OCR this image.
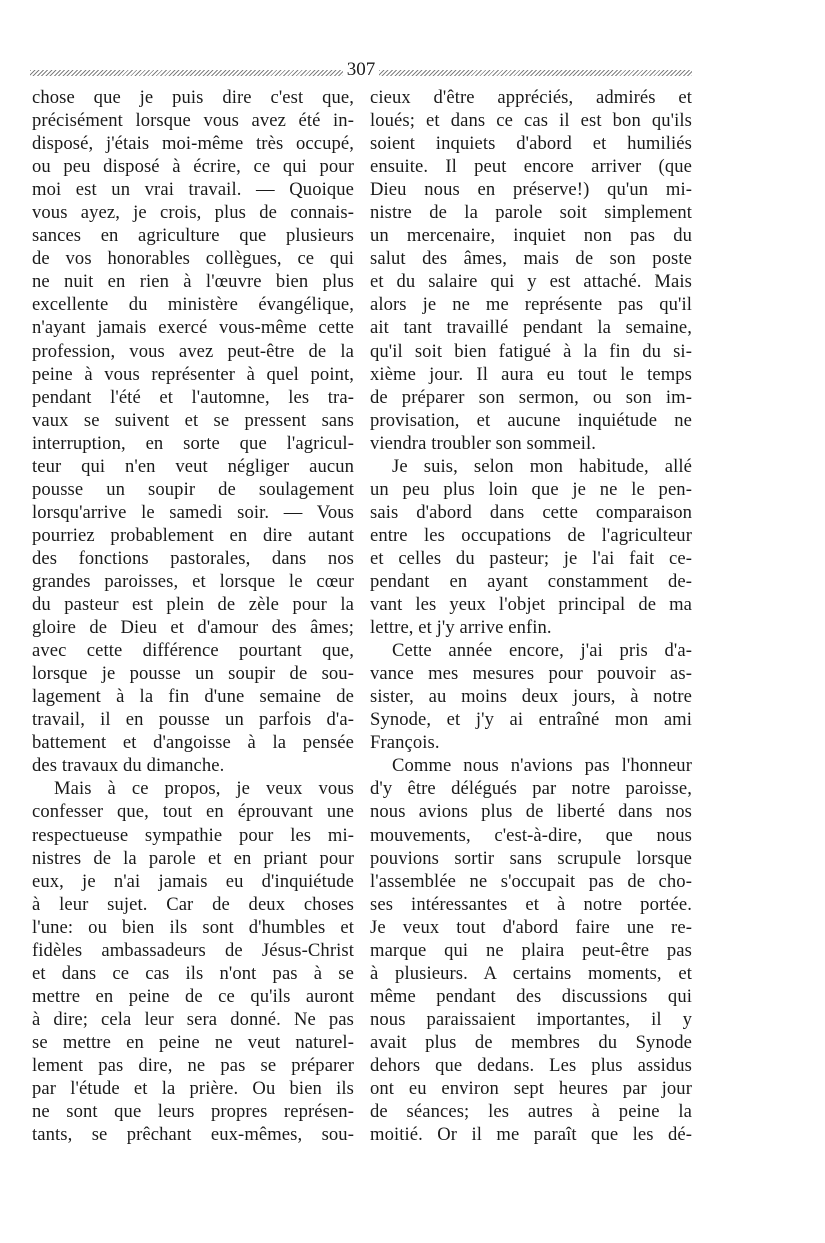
307
chose que je puis dire c'est que,
précisément lorsque vous avez été in-
disposé, j'étais moi-même très occupé,
ou peu disposé à écrire, ce qui pour
moi est un vrai travail. — Quoique
vous ayez, je crois, plus de connais-
sances en agriculture que plusieurs
de vos honorables collègues, ce qui
ne nuit en rien à l'œuvre bien plus
excellente du ministère évangélique,
n'ayant jamais exercé vous-même cette
profession, vous avez peut-être de la
peine à vous représenter à quel point,
pendant l'été et l'automne, les tra-
vaux se suivent et se pressent sans
interruption, en sorte que l'agricul-
teur qui n'en veut négliger aucun
pousse un soupir de soulagement
lorsqu'arrive le samedi soir. — Vous
pourriez probablement en dire autant
des fonctions pastorales, dans nos
grandes paroisses, et lorsque le cœur
du pasteur est plein de zèle pour la
gloire de Dieu et d'amour des âmes;
avec cette différence pourtant que,
lorsque je pousse un soupir de sou-
lagement à la fin d'une semaine de
travail, il en pousse un parfois d'a-
battement et d'angoisse à la pensée
des travaux du dimanche.
Mais à ce propos, je veux vous
confesser que, tout en éprouvant une
respectueuse sympathie pour les mi-
nistres de la parole et en priant pour
eux, je n'ai jamais eu d'inquiétude
à leur sujet. Car de deux choses
l'une: ou bien ils sont d'humbles et
fidèles ambassadeurs de Jésus-Christ
et dans ce cas ils n'ont pas à se
mettre en peine de ce qu'ils auront
à dire; cela leur sera donné. Ne pas
se mettre en peine ne veut naturel-
lement pas dire, ne pas se préparer
par l'étude et la prière. Ou bien ils
ne sont que leurs propres représen-
tants, se prêchant eux-mêmes, sou-
cieux d'être appréciés, admirés et
loués; et dans ce cas il est bon qu'ils
soient inquiets d'abord et humiliés
ensuite. Il peut encore arriver (que
Dieu nous en préserve!) qu'un mi-
nistre de la parole soit simplement
un mercenaire, inquiet non pas du
salut des âmes, mais de son poste
et du salaire qui y est attaché. Mais
alors je ne me représente pas qu'il
ait tant travaillé pendant la semaine,
qu'il soit bien fatigué à la fin du si-
xième jour. Il aura eu tout le temps
de préparer son sermon, ou son im-
provisation, et aucune inquiétude ne
viendra troubler son sommeil.
Je suis, selon mon habitude, allé
un peu plus loin que je ne le pen-
sais d'abord dans cette comparaison
entre les occupations de l'agriculteur
et celles du pasteur; je l'ai fait ce-
pendant en ayant constamment de-
vant les yeux l'objet principal de ma
lettre, et j'y arrive enfin.
Cette année encore, j'ai pris d'a-
vance mes mesures pour pouvoir as-
sister, au moins deux jours, à notre
Synode, et j'y ai entraîné mon ami
François.
Comme nous n'avions pas l'honneur
d'y être délégués par notre paroisse,
nous avions plus de liberté dans nos
mouvements, c'est-à-dire, que nous
pouvions sortir sans scrupule lorsque
l'assemblée ne s'occupait pas de cho-
ses intéressantes et à notre portée.
Je veux tout d'abord faire une re-
marque qui ne plaira peut-être pas
à plusieurs. A certains moments, et
même pendant des discussions qui
nous paraissaient importantes, il y
avait plus de membres du Synode
dehors que dedans. Les plus assidus
ont eu environ sept heures par jour
de séances; les autres à peine la
moitié. Or il me paraît que les dé-
